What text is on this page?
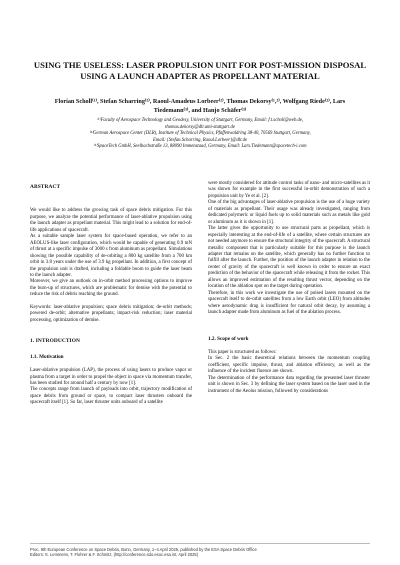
USING THE USELESS: LASER PROPULSION UNIT FOR POST-MISSION DISPOSAL
USING A LAUNCH ADAPTER AS PROPELLANT MATERIAL
Florian Scholl⁽¹⁾, Stefan Scharring⁽²⁾, Raoul-Amadeus Lorbeer⁽²⁾, Thomas Dekorsy⁽¹,²⁾, Wolfgang Riede⁽²⁾, Lars
Tiedemann⁽³⁾, and Hanjo Schäfer⁽³⁾
⁽¹⁾Faculty of Aerospace Technology and Geodesy, University of Stuttgart, Germany, Email: f.t.scholl@web.de,
thomas.dekorsy@dlr.ami-stuttgart.de
⁽²⁾German Aerospace Center (DLR), Institute of Technical Physics, Pfaffenwaldring 38-40, 70569 Stuttgart, Germany,
Email: {Stefan.Scharring, Raoul.Lorbeer}@dlr.de
⁽³⁾SpaceTech GmbH, Seelbachstraße 13, 88090 Immenstaad, Germany, Email: Lars.Tiedemann@spacetech-i.com
ABSTRACT

We would like to address the growing task of space debris mitigation. For this purpose, we analyze the potential performance of laser-ablative propulsion using the launch adapter as propellant material. This might lead to a solution for end-of-life applications of spacecraft.

As a suitable sample laser system for space-based operation, we refer to an AEOLUS-like laser configuration, which would be capable of generating 0.9 mN of thrust at a specific impulse of 3000 s from aluminum as propellant. Simulations showing the possible capability of de-orbiting a 800 kg satellite from a 700 km orbit in 3.8 years under the use of 3.9 kg propellant. In addition, a first concept of the propulsion unit is drafted, including a foldable boom to guide the laser beam to the launch adapter.

Moreover, we give an outlook on in-orbit method processing options to improve the burn-up of structures, which are problematic for demise with the potential to reduce the risk of debris reaching the ground.

Keywords: laser-ablative propulsion; space debris mitigation; de-orbit methods; powered de-orbit; alternative propellants; impact-risk reduction; laser material processing, optimization of demise.

1. INTRODUCTION
1.1. Motivation

Laser-ablative propulsion (LAP), the process of using lasers to produce vapor or plasma from a target in order to propel the object in space via momentum transfer, has been studied for around half a century by now [1].

The concepts range from launch of payloads into orbit, trajectory modification of space debris from ground or space, to compact laser thrusters onboard the spacecraft itself [1]. So far, laser thruster units onboard of a satellite

were mostly considered for attitude control tasks of nano- and micro-satellites as it was shown for example in the first successful in-orbit demonstration of such a propulsion unit by Ye et al. [2].

One of the big advantages of laser-ablative propulsion is the use of a huge variety of materials as propellant. Their usage was already investigated, ranging from dedicated polymeric or liquid fuels up to solid materials such as metals like gold or aluminum as it is shown in [1].

The latter gives the opportunity to use structural parts as propellant, which is especially interesting at the end-of-life of a satellite, where certain structures are not needed anymore to ensure the structural integrity of the spacecraft. A structural metallic component that is particularly suitable for this purpose is the launch adapter that remains on the satellite, which generally has no further function to fulfill after the launch. Further, the position of the launch adapter in relation to the center of gravity of the spacecraft is well known in order to ensure an exact prediction of the behavior of the spacecraft while releasing it from the rocket. This allows an improved estimation of the resulting thrust vector, depending on the location of the ablation spot on the target during operation.

Therefore, in this work we investigate the use of pulsed lasers mounted on the spacecraft itself to de-orbit satellites from a low Earth orbit (LEO) from altitudes where aerodynamic drag is insufficient for natural orbit decay, by assuming a launch adapter made from aluminum as fuel of the ablation process.

1.2. Scope of work

This paper is structured as follows:

In Sec. 2 the basic theoretical relations between the momentum coupling coefficient, specific impulse, thrust, and ablation efficiency, as well as the influence of the incident fluence are shown.

The determination of the performance data regarding the presented laser thruster unit is shown in Sec. 3 by defining the laser system based on the laser used in the instrument of the Aeolus mission, followed by considerations

Proc. 9th European Conference on Space Debris, Bonn, Germany, 1–4 April 2025, published by the ESA Space Debris Office
Editors: S. Lemmens, T. Flohrer & F. Schmitz, (http://conference.sdo.esoc.esa.int, April 2025)
